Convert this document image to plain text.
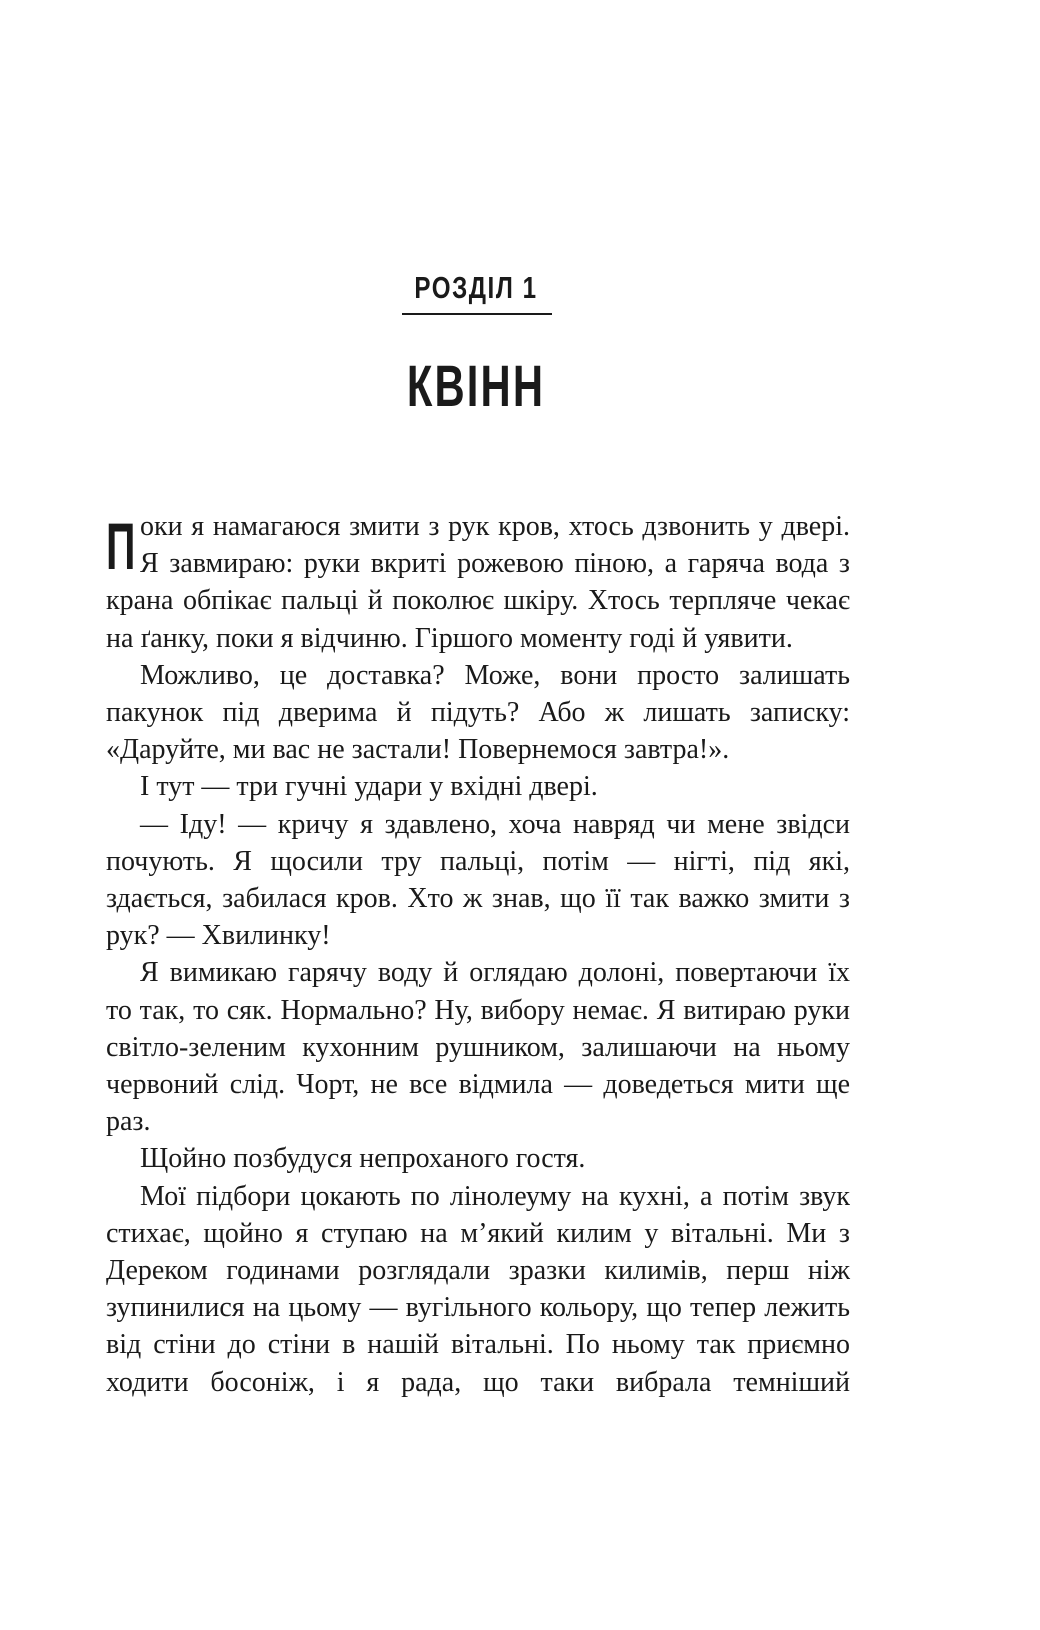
РОЗДІЛ 1
КВІНН

Поки я намагаюся змити з рук кров, хтось дзвонить у двері. Я завмираю: руки вкриті рожевою піною, а гаряча вода з крана обпікає пальці й поколює шкіру. Хтось терпляче чекає на ґанку, поки я відчиню. Гіршого моменту годі й уявити.

Можливо, це доставка? Може, вони просто залишать пакунок під дверима й підуть? Або ж лишать записку: «Даруйте, ми вас не застали! Повернемося завтра!».

І тут — три гучні удари у вхідні двері.

— Іду! — кричу я здавлено, хоча навряд чи мене звідси почують. Я щосили тру пальці, потім — нігті, під які, здається, забилася кров. Хто ж знав, що її так важко змити з рук? — Хвилинку!

Я вимикаю гарячу воду й оглядаю долоні, повертаючи їх то так, то сяк. Нормально? Ну, вибору немає. Я витираю руки світло-зеленим кухонним рушником, залишаючи на ньому червоний слід. Чорт, не все відмила — доведеться мити ще раз.

Щойно позбудуся непроханого гостя.

Мої підбори цокають по лінолеуму на кухні, а потім звук стихає, щойно я ступаю на м’який килим у вітальні. Ми з Дереком годинами розглядали зразки килимів, перш ніж зупинилися на цьому — вугільного кольору, що тепер лежить від стіни до стіни в нашій вітальні. По ньому так приємно ходити босоніж, і я рада, що таки вибрала темніший
